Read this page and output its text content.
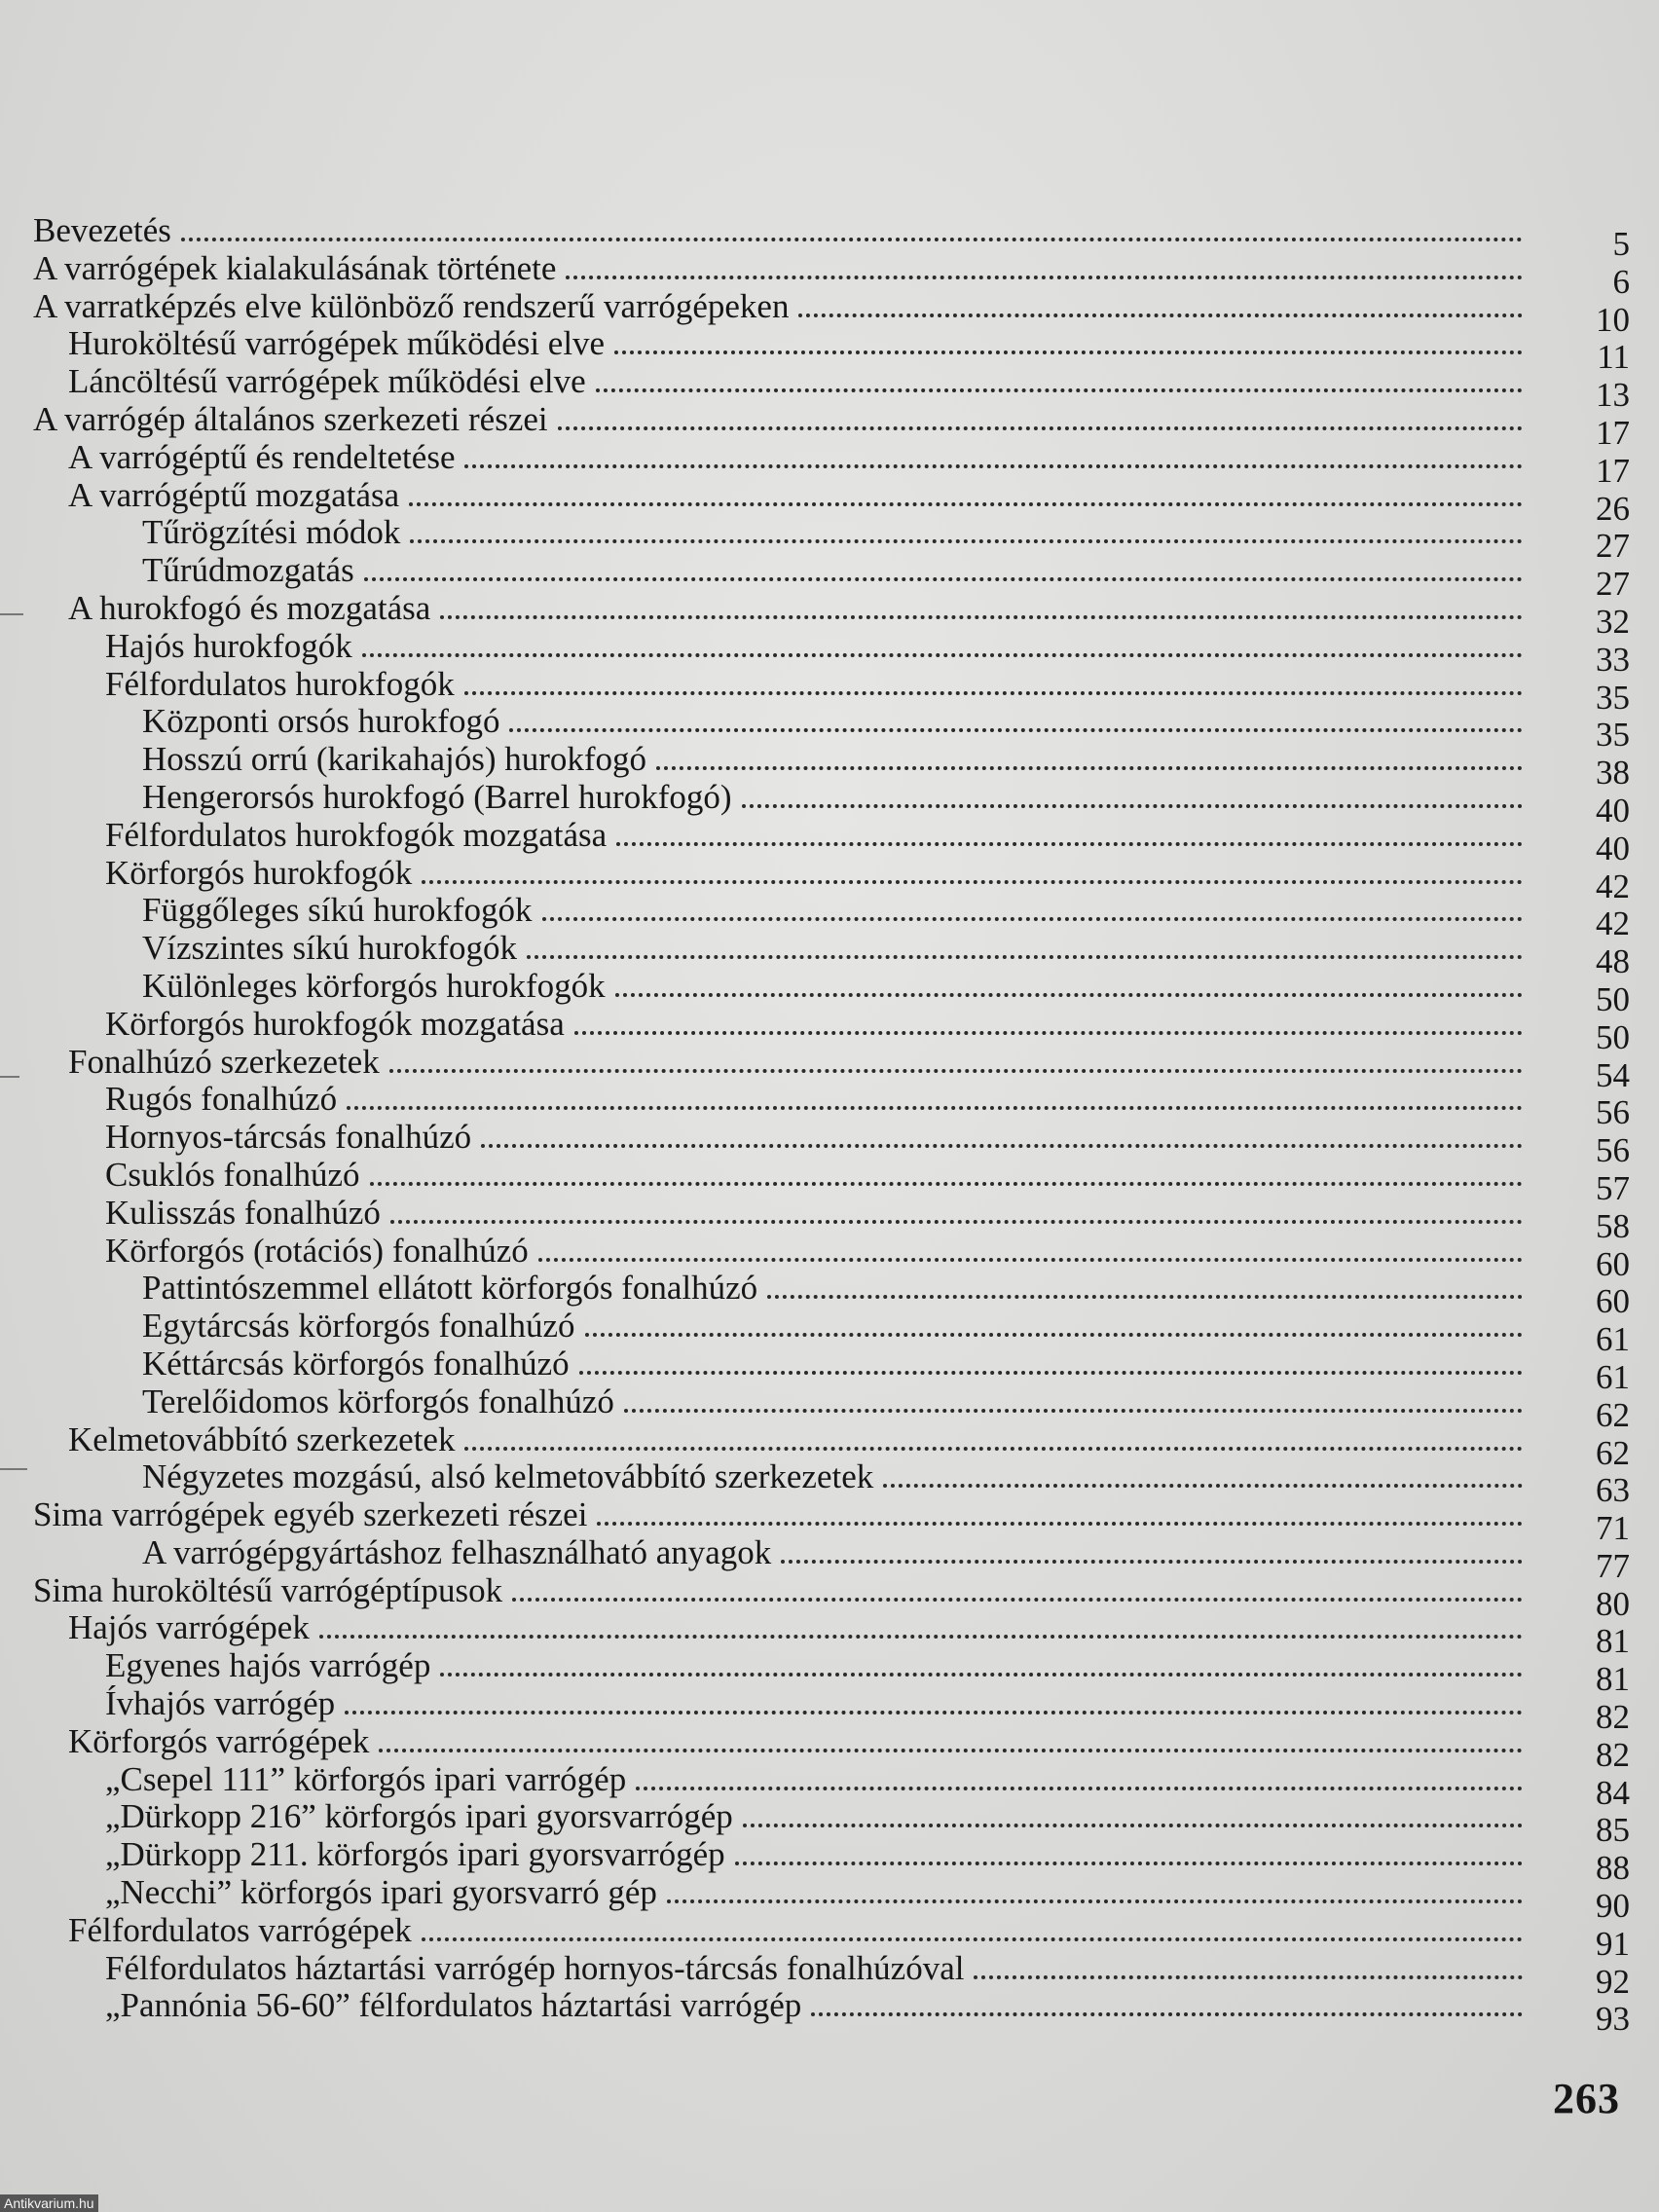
Bevezetés	5
A varrógépek kialakulásának története	6
A varratképzés elve különböző rendszerű varrógépeken	10
Huroköltésű varrógépek működési elve	11
Láncöltésű varrógépek működési elve	13
A varrógép általános szerkezeti részei	17
A varrógéptű és rendeltetése	17
A varrógéptű mozgatása	26
Tűrögzítési módok	27
Tűrúdmozgatás	27
A hurokfogó és mozgatása	32
Hajós hurokfogók	33
Félfordulatos hurokfogók	35
Központi orsós hurokfogó	35
Hosszú orrú (karikahajós) hurokfogó	38
Hengerorsós hurokfogó (Barrel hurokfogó)	40
Félfordulatos hurokfogók mozgatása	40
Körforgós hurokfogók	42
Függőleges síkú hurokfogók	42
Vízszintes síkú hurokfogók	48
Különleges körforgós hurokfogók	50
Körforgós hurokfogók mozgatása	50
Fonalhúzó szerkezetek	54
Rugós fonalhúzó	56
Hornyos-tárcsás fonalhúzó	56
Csuklós fonalhúzó	57
Kulisszás fonalhúzó	58
Körforgós (rotációs) fonalhúzó	60
Pattintószemmel ellátott körforgós fonalhúzó	60
Egytárcsás körforgós fonalhúzó	61
Kéttárcsás körforgós fonalhúzó	61
Terelőidomos körforgós fonalhúzó	62
Kelmetovábbító szerkezetek	62
Négyzetes mozgású, alsó kelmetovábbító szerkezetek	63
Sima varrógépek egyéb szerkezeti részei	71
A varrógépgyártáshoz felhasználható anyagok	77
Sima huroköltésű varrógéptípusok	80
Hajós varrógépek	81
Egyenes hajós varrógép	81
Ívhajós varrógép	82
Körforgós varrógépek	82
„Csepel 111” körforgós ipari varrógép	84
„Dürkopp 216” körforgós ipari gyorsvarrógép	85
„Dürkopp 211. körforgós ipari gyorsvarrógép	88
„Necchi” körforgós ipari gyorsvarró gép	90
Félfordulatos varrógépek	91
Félfordulatos háztartási varrógép hornyos-tárcsás fonalhúzóval	92
„Pannónia 56-60” félfordulatos háztartási varrógép	93
263
Antikvarium.hu
